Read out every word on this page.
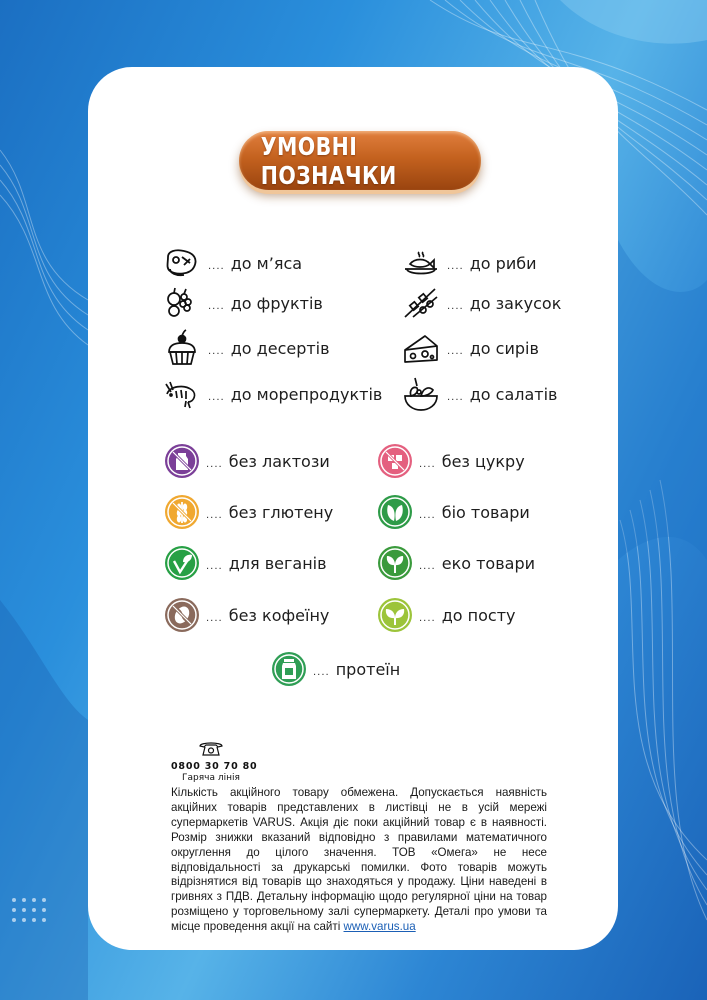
УМОВНІ ПОЗНАЧКИ
.... до м’яса
.... до фруктів
.... до десертів
.... до морепродуктів
.... до риби
.... до закусок
.... до сирів
.... до салатів
.... без лактози
.... без глютену
.... для веганів
.... без кофеїну
.... без цукру
.... біо товари
.... еко товари
.... до посту
.... протеїн
0800 30 70 80
Гаряча лінія
Кількість акційного товару обмежена. Допускається наявність акційних товарів представлених в листівці не в усій мережі супермаркетів VARUS. Акція діє поки акційний товар є в наявності. Розмір знижки вказаний відповідно з правилами математичного округлення до цілого значення. ТОВ «Омега» не несе відповідальності за друкарські помилки. Фото товарів можуть відрізнятися від товарів що знаходяться у продажу. Ціни наведені в гривнях з ПДВ. Детальну інформацію щодо регулярної ціни на товар розміщено у торговельному залі супермаркету. Деталі про умови та місце проведення акції на сайті www.varus.ua
